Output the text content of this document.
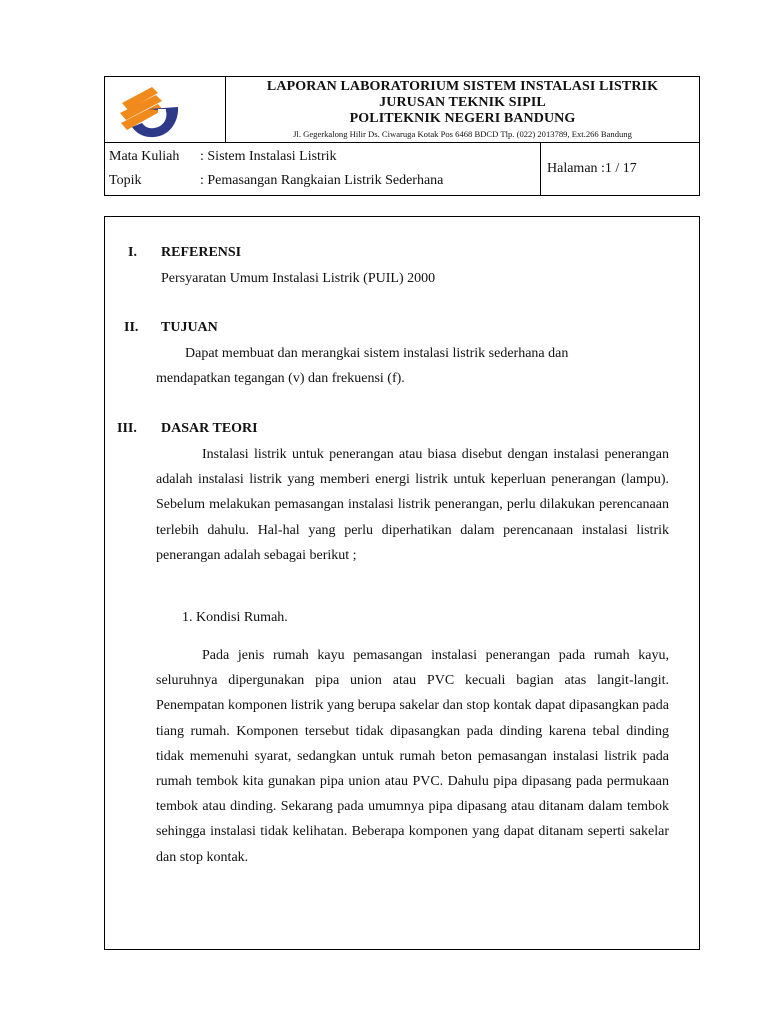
LAPORAN LABORATORIUM SISTEM INSTALASI LISTRIK
JURUSAN TEKNIK SIPIL
POLITEKNIK NEGERI BANDUNG
Jl. Gegerkalong Hilir Ds. Ciwaruga Kotak Pos 6468 BDCD Tlp. (022) 2013789, Ext.266 Bandung
Mata Kuliah : Sistem Instalasi Listrik
Topik	: Pemasangan Rangkaian Listrik Sederhana
Halaman :1 / 17
I. REFERENSI
Persyaratan Umum Instalasi Listrik (PUIL) 2000
II. TUJUAN
Dapat membuat dan merangkai sistem instalasi listrik sederhana dan mendapatkan tegangan (v) dan frekuensi (f).
III. DASAR TEORI
Instalasi listrik untuk penerangan atau biasa disebut dengan instalasi penerangan adalah instalasi listrik yang memberi energi listrik untuk keperluan penerangan (lampu). Sebelum melakukan pemasangan instalasi listrik penerangan, perlu dilakukan perencanaan terlebih dahulu. Hal-hal yang perlu diperhatikan dalam perencanaan instalasi listrik penerangan adalah sebagai berikut ;
1. Kondisi Rumah.
Pada jenis rumah kayu pemasangan instalasi penerangan pada rumah kayu, seluruhnya dipergunakan pipa union atau PVC kecuali bagian atas langit-langit. Penempatan komponen listrik yang berupa sakelar dan stop kontak dapat dipasangkan pada tiang rumah. Komponen tersebut tidak dipasangkan pada dinding karena tebal dinding tidak memenuhi syarat, sedangkan untuk rumah beton pemasangan instalasi listrik pada rumah tembok kita gunakan pipa union atau PVC. Dahulu pipa dipasang pada permukaan tembok atau dinding. Sekarang pada umumnya pipa dipasang atau ditanam dalam tembok sehingga instalasi tidak kelihatan. Beberapa komponen yang dapat ditanam seperti sakelar dan stop kontak.
